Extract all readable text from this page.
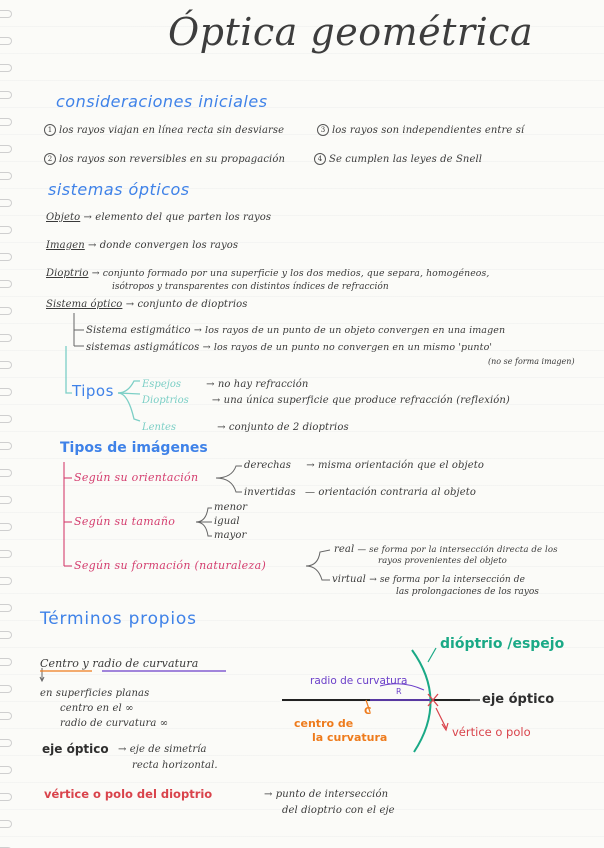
Óptica geométrica
consideraciones iniciales
1 los rayos viajan en línea recta sin desviarse	3 los rayos son independientes entre sí
2 los rayos son reversibles en su propagación	4 Se cumplen las leyes de Snell
sistemas ópticos
Objeto → elemento del que parten los rayos
Imagen → donde convergen los rayos
Dioptrio → conjunto formado por una superficie y los dos medios, que separa, homogéneos,
isótropos y transparentes con distintos índices de refracción
Sistema óptico → conjunto de dioptrios
Sistema estigmático → los rayos de un punto de un objeto convergen en una imagen
sistemas astigmáticos → los rayos de un punto no convergen en un mismo 'punto'
(no se forma imagen)
Tipos	Espejos	→ no hay refracción
Dioptrios → una única superficie que produce refracción (reflexión)
Lentes	→ conjunto de 2 dioptrios
Tipos de imágenes
Según su orientación
derechas → misma orientación que el objeto
invertidas — orientación contraria al objeto
Según su tamaño
menor
igual
mayor
Según su formación (naturaleza)
real — se forma por la intersección directa de los
rayos provenientes del objeto
virtual → se forma por la intersección de
las prolongaciones de los rayos
Términos propios
Centro y radio de curvatura
en superficies planas
centro en el ∞
radio de curvatura ∞
eje óptico → eje de simetría
recta horizontal.
vértice o polo del dioptrio	→ punto de intersección
del dioptrio con el eje
dióptrio /espejo
radio de curvatura
R
C
centro de
la curvatura
eje óptico
vértice o polo
